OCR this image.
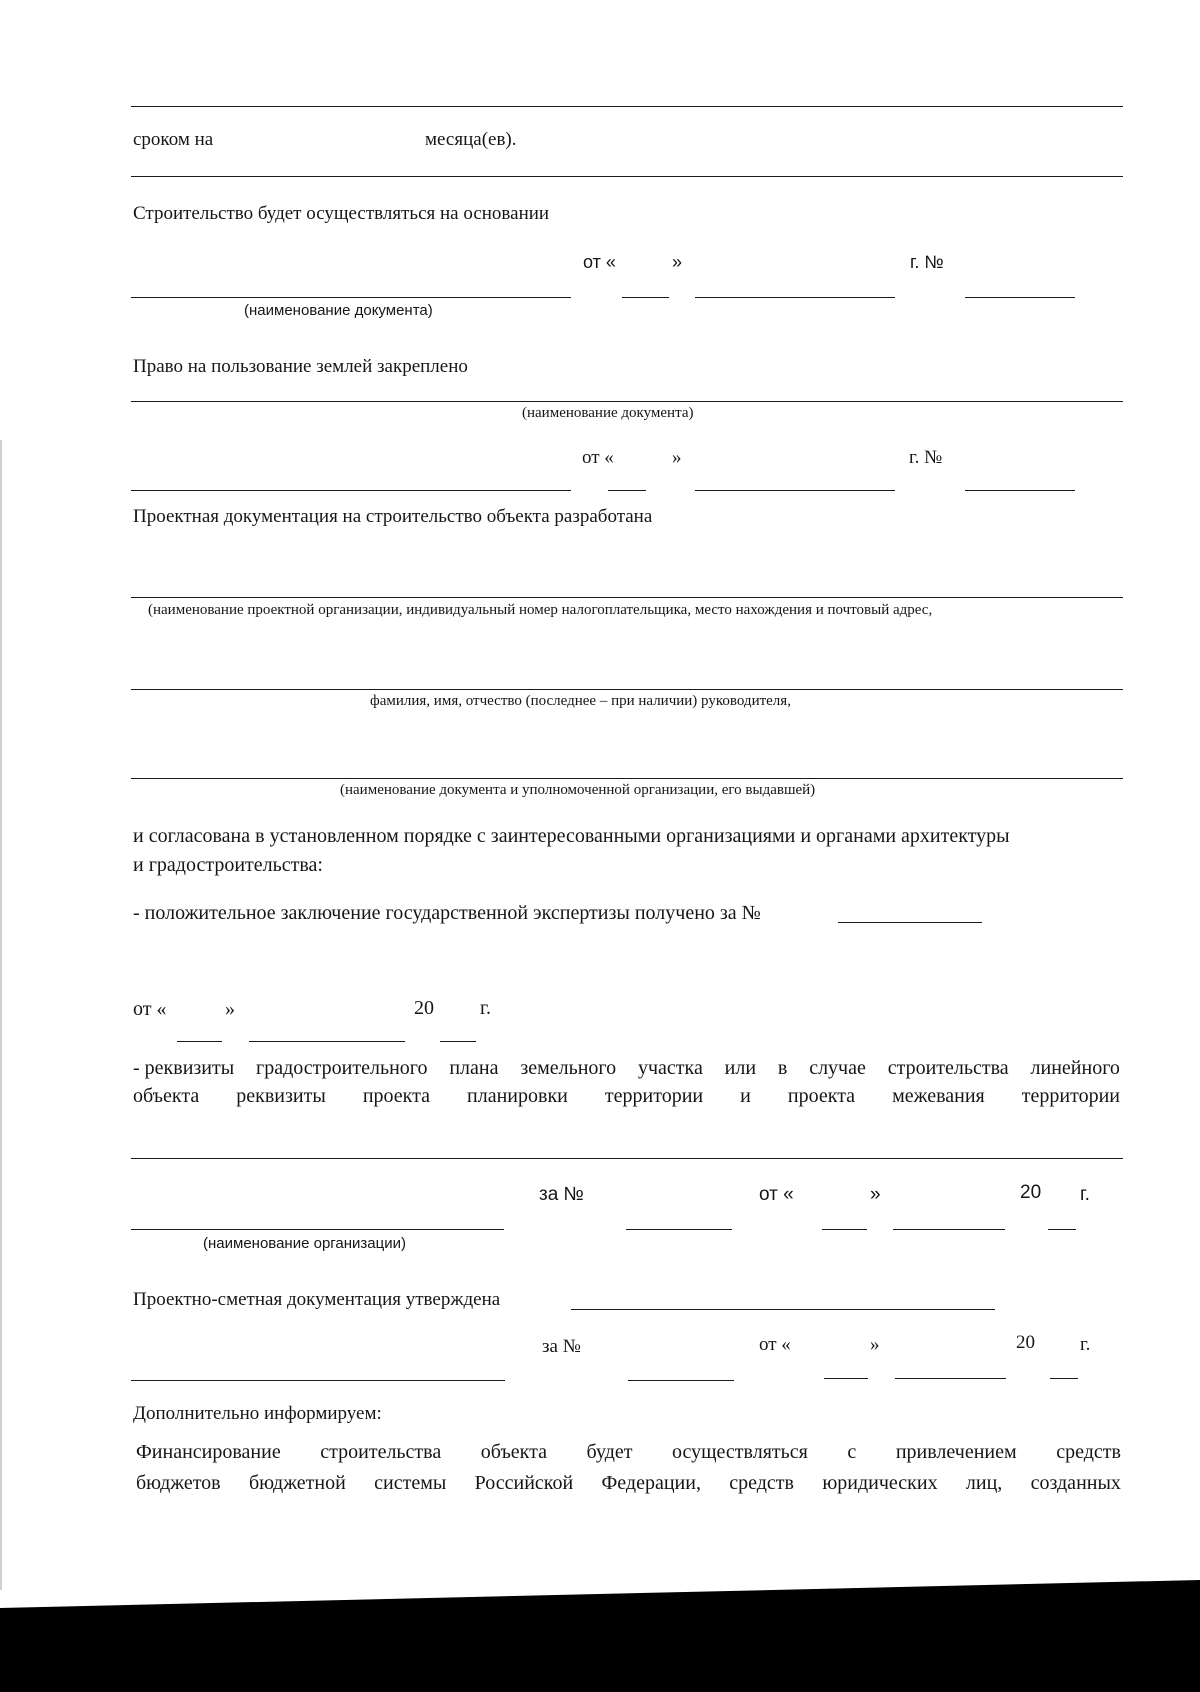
сроком на	месяца(ев).
Строительство будет осуществляться на основании
от «	»	г. №
(наименование документа)
Право на пользование землей закреплено
(наименование документа)
от «	»	г. №
Проектная документация на строительство объекта разработана
(наименование проектной организации, индивидуальный номер налогоплательщика, место нахождения и почтовый адрес,
фамилия, имя, отчество (последнее – при наличии) руководителя,
(наименование документа и уполномоченной организации, его выдавшей)
и согласована в установленном порядке с заинтересованными организациями и органами архитектуры
и градостроительства:
- положительное заключение государственной экспертизы получено за №
от «	»	20 г.
- реквизиты градостроительного плана земельного участка или в случае строительства линейного
объекта реквизиты проекта планировки территории и проекта межевания территории
за №	от «	»	20 г.
(наименование организации)
Проектно-сметная документация утверждена
за №	от «	»	20 г.
Дополнительно информируем:
Финансирование строительства объекта будет осуществляться с привлечением средств
бюджетов бюджетной системы Российской Федерации, средств юридических лиц, созданных
